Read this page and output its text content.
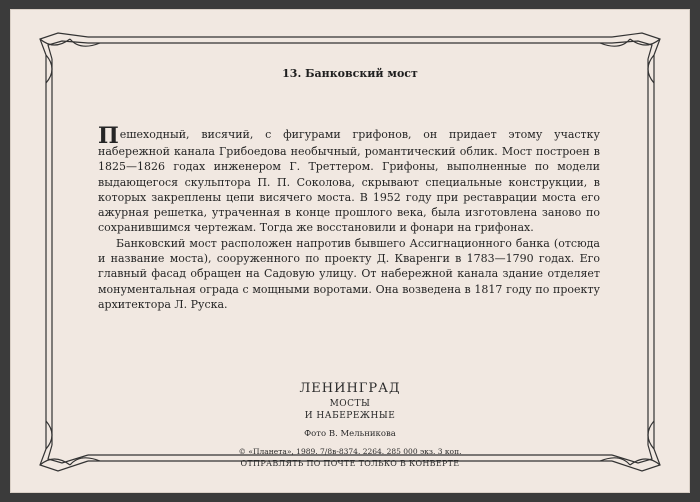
13. Банковский мост

Пешеходный, висячий, с фигурами грифонов, он придает этому участку набережной канала Грибоедова необычный, романтический облик. Мост построен в 1825—1826 годах инженером Г. Треттером. Грифоны, выполненные по модели выдающегося скульптора П. П. Соколова, скрывают специальные конструкции, в которых закреплены цепи висячего моста. В 1952 году при реставрации моста его ажурная решетка, утраченная в конце прошлого века, была изготовлена заново по сохранившимся чертежам. Тогда же восстановили и фонари на грифонах.

Банковский мост расположен напротив бывшего Ассигнационного банка (отсюда и название моста), сооруженного по проекту Д. Кваренги в 1783—1790 годах. Его главный фасад обращен на Садовую улицу. От набережной канала здание отделяет монументальная ограда с мощными воротами. Она возведена в 1817 году по проекту архитектора Л. Руска.

ЛЕНИНГРАД
МОСТЫ
И НАБЕРЕЖНЫЕ
Фото В. Мельникова
© «Планета», 1989. 7/8в-8374. 2264. 285 000 экз. 3 коп.
ОТПРАВЛЯТЬ ПО ПОЧТЕ ТОЛЬКО В КОНВЕРТЕ
